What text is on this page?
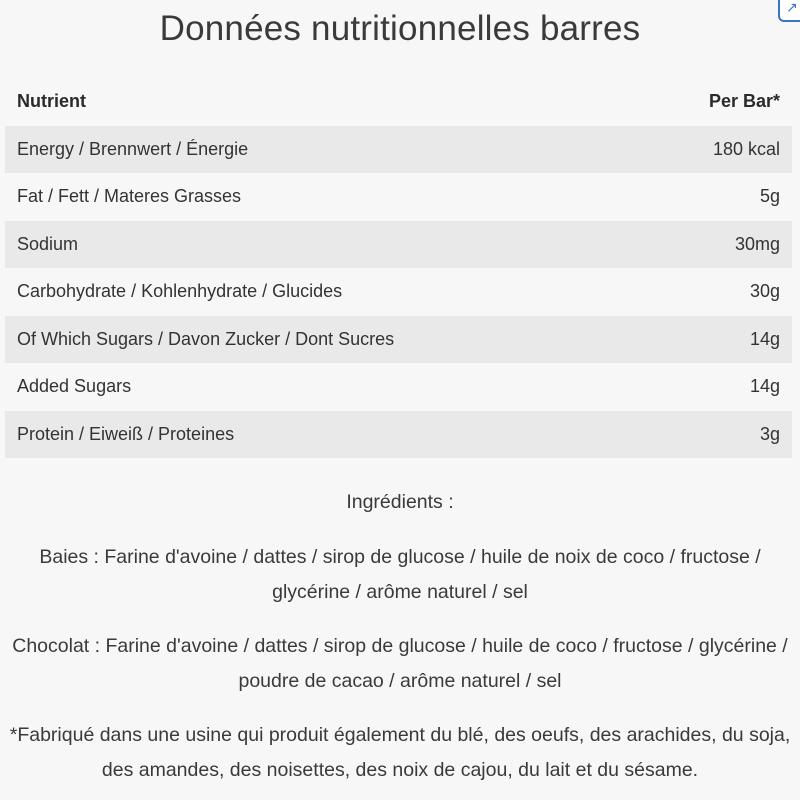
Données nutritionnelles barres
↗
Nutrient	Per Bar*
Energy / Brennwert / Énergie	180 kcal
Fat / Fett / Materes Grasses	5g
Sodium	30mg
Carbohydrate / Kohlenhydrate / Glucides	30g
Of Which Sugars / Davon Zucker / Dont Sucres	14g
Added Sugars	14g
Protein / Eiweiß / Proteines	3g

Ingrédients :

Baies : Farine d'avoine / dattes / sirop de glucose / huile de noix de coco / fructose / glycérine / arôme naturel / sel

Chocolat : Farine d'avoine / dattes / sirop de glucose / huile de coco / fructose / glycérine / poudre de cacao / arôme naturel / sel

*Fabriqué dans une usine qui produit également du blé, des oeufs, des arachides, du soja, des amandes, des noisettes, des noix de cajou, du lait et du sésame.
